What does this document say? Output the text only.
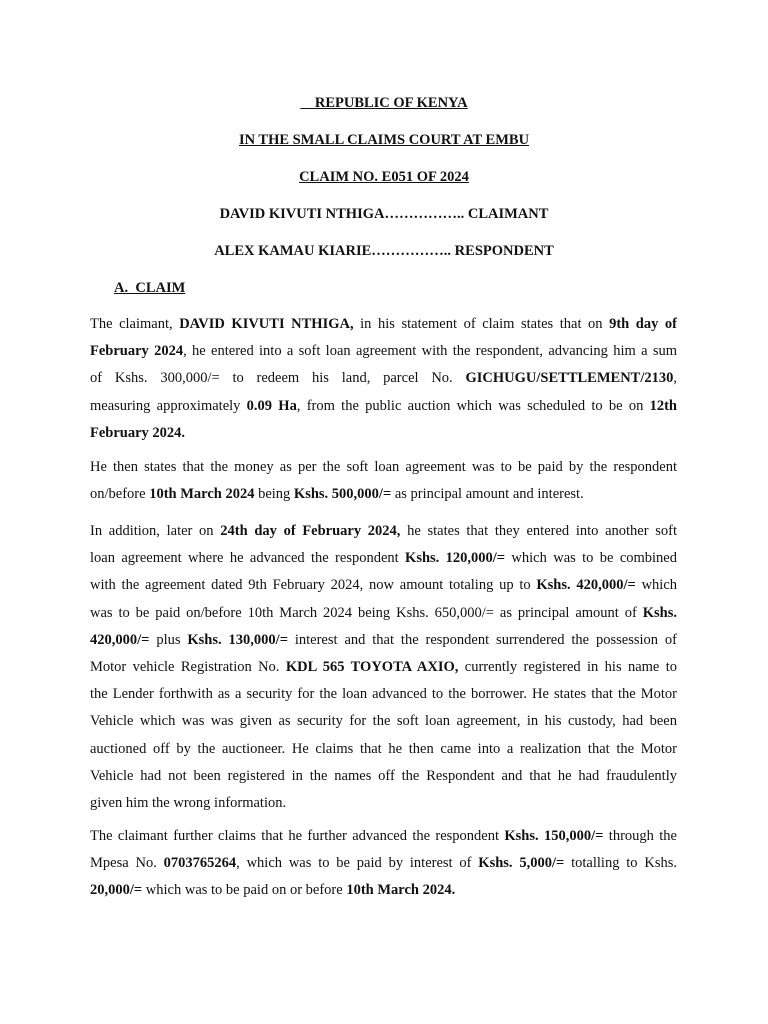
REPUBLIC OF KENYA
IN THE SMALL CLAIMS COURT AT EMBU
CLAIM NO. E051 OF 2024
DAVID KIVUTI NTHIGA…………….. CLAIMANT
ALEX KAMAU KIARIE…………….. RESPONDENT
A.  CLAIM
The claimant, DAVID KIVUTI NTHIGA, in his statement of claim states that on 9th day of
February 2024, he entered into a soft loan agreement with the respondent, advancing him a sum
of Kshs. 300,000/= to redeem his land, parcel No. GICHUGU/SETTLEMENT/2130,
measuring approximately 0.09 Ha, from the public auction which was scheduled to be on 12th
February 2024.
He then states that the money as per the soft loan agreement was to be paid by the respondent
on/before 10th March 2024 being Kshs. 500,000/= as principal amount and interest.
In addition, later on 24th day of February 2024, he states that they entered into another soft
loan agreement where he advanced the respondent Kshs. 120,000/= which was to be combined
with the agreement dated 9th February 2024, now amount totaling up to Kshs. 420,000/= which
was to be paid on/before 10th March 2024 being Kshs. 650,000/= as principal amount of Kshs.
420,000/= plus Kshs. 130,000/= interest and that the respondent surrendered the possession of
Motor vehicle Registration No. KDL 565 TOYOTA AXIO, currently registered in his name to
the Lender forthwith as a security for the loan advanced to the borrower. He states that the Motor
Vehicle which was was given as security for the soft loan agreement, in his custody, had been
auctioned off by the auctioneer. He claims that he then came into a realization that the Motor
Vehicle had not been registered in the names off the Respondent and that he had fraudulently
given him the wrong information.
The claimant further claims that he further advanced the respondent Kshs. 150,000/= through the
Mpesa No. 0703765264, which was to be paid by interest of Kshs. 5,000/= totalling to Kshs.
20,000/= which was to be paid on or before 10th March 2024.
